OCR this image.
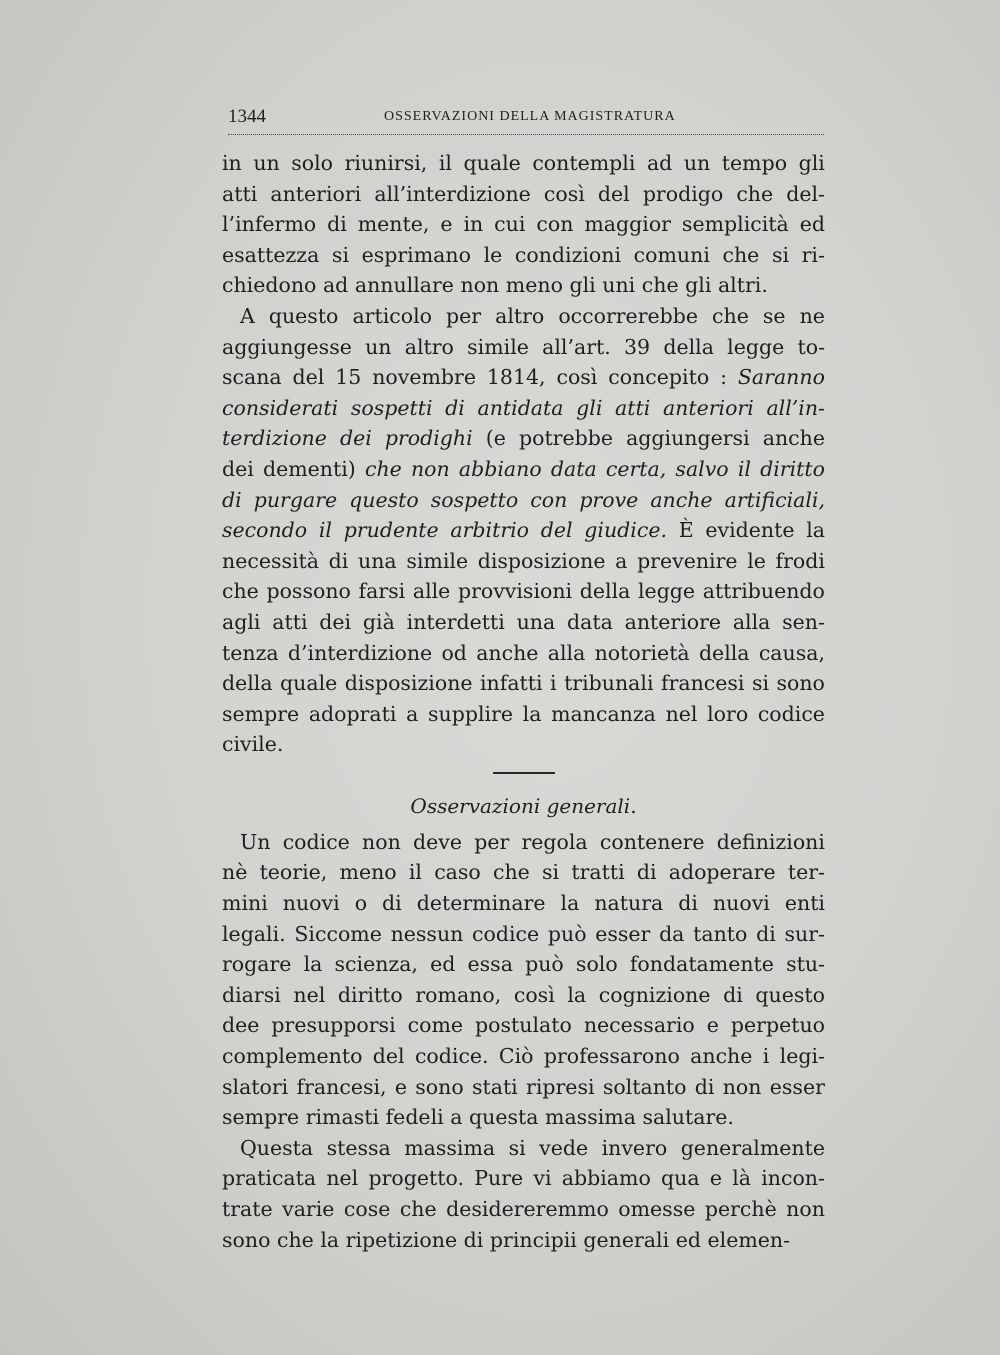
1344	OSSERVAZIONI DELLA MAGISTRATURA
in un solo riunirsi, il quale contempli ad un tempo gli
atti anteriori all’interdizione così del prodigo che del-
l’infermo di mente, e in cui con maggior semplicità ed
esattezza si esprimano le condizioni comuni che si ri-
chiedono ad annullare non meno gli uni che gli altri.
A questo articolo per altro occorrerebbe che se ne
aggiungesse un altro simile all’art. 39 della legge to-
scana del 15 novembre 1814, così concepito : Saranno
considerati sospetti di antidata gli atti anteriori all’in-
terdizione dei prodighi (e potrebbe aggiungersi anche
dei dementi) che non abbiano data certa, salvo il diritto
di purgare questo sospetto con prove anche artificiali,
secondo il prudente arbitrio del giudice. È evidente la
necessità di una simile disposizione a prevenire le frodi
che possono farsi alle provvisioni della legge attribuendo
agli atti dei già interdetti una data anteriore alla sen-
tenza d’interdizione od anche alla notorietà della causa,
della quale disposizione infatti i tribunali francesi si sono
sempre adoprati a supplire la mancanza nel loro codice
civile.
Osservazioni generali.
Un codice non deve per regola contenere definizioni
nè teorie, meno il caso che si tratti di adoperare ter-
mini nuovi o di determinare la natura di nuovi enti
legali. Siccome nessun codice può esser da tanto di sur-
rogare la scienza, ed essa può solo fondatamente stu-
diarsi nel diritto romano, così la cognizione di questo
dee presupporsi come postulato necessario e perpetuo
complemento del codice. Ciò professarono anche i legi-
slatori francesi, e sono stati ripresi soltanto di non esser
sempre rimasti fedeli a questa massima salutare.
Questa stessa massima si vede invero generalmente
praticata nel progetto. Pure vi abbiamo qua e là incon-
trate varie cose che desidereremmo omesse perchè non
sono che la ripetizione di principii generali ed elemen-
